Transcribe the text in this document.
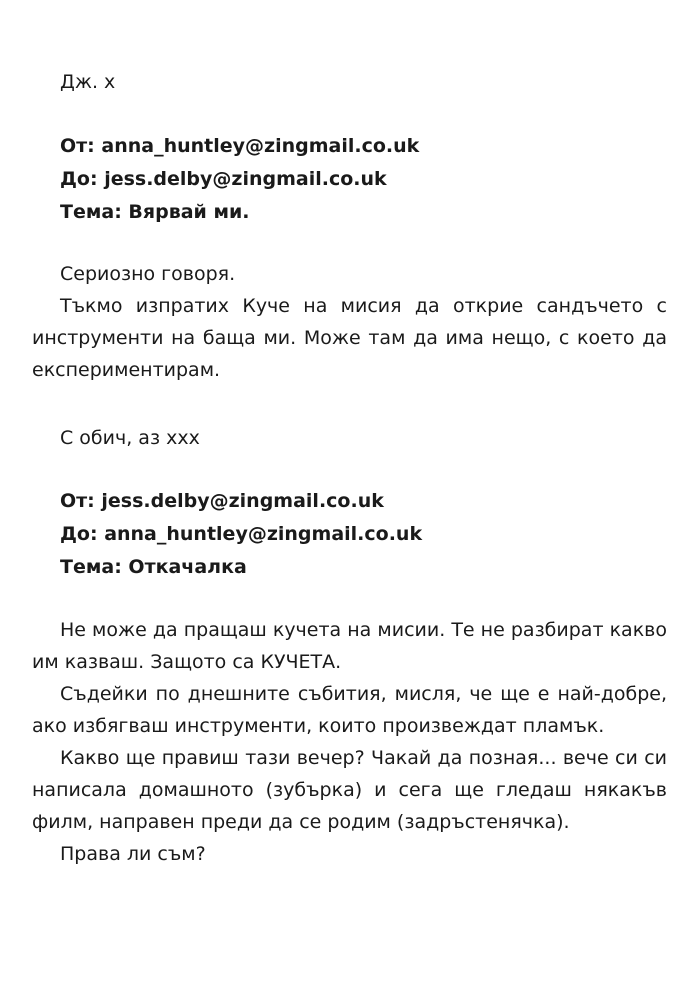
Дж. х
От: anna_huntley@zingmail.co.uk
До: jess.delby@zingmail.co.uk
Тема: Вярвай ми.

Сериозно говоря.

Тъкмо изпратих Куче на мисия да открие сандъчето с инструменти на баща ми. Може там да има нещо, с което да експериментирам.

С обич, аз ххх
От: jess.delby@zingmail.co.uk
До: anna_huntley@zingmail.co.uk
Тема: Откачалка

Не може да пращаш кучета на мисии. Те не разбират какво им казваш. Защото са КУЧЕТА.

Съдейки по днешните събития, мисля, че ще е най-добре, ако избягваш инструменти, които произвеждат пламък.

Какво ще правиш тази вечер? Чакай да позная... вече си си написала домашното (зубърка) и сега ще гледаш някакъв филм, направен преди да се родим (задръстенячка).

Права ли съм?
